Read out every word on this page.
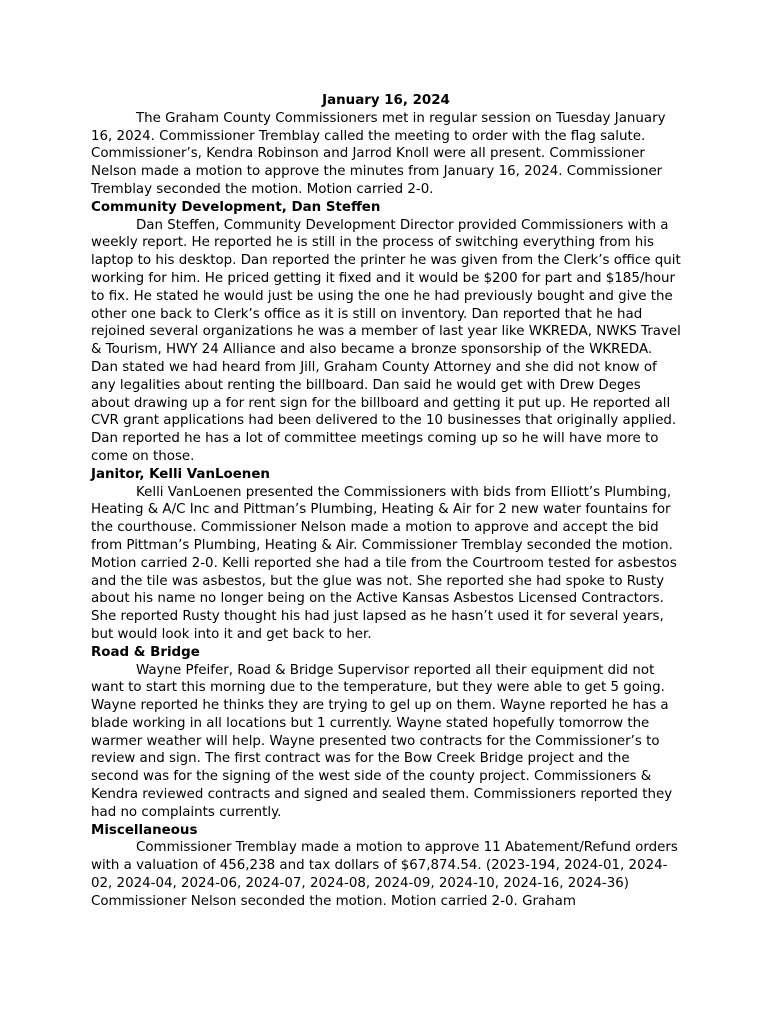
January 16, 2024

The Graham County Commissioners met in regular session on Tuesday January 16, 2024. Commissioner Tremblay called the meeting to order with the flag salute. Commissioner’s, Kendra Robinson and Jarrod Knoll were all present. Commissioner Nelson made a motion to approve the minutes from January 16, 2024. Commissioner Tremblay seconded the motion. Motion carried 2-0.

Community Development, Dan Steffen

Dan Steffen, Community Development Director provided Commissioners with a weekly report. He reported he is still in the process of switching everything from his laptop to his desktop. Dan reported the printer he was given from the Clerk’s office quit working for him. He priced getting it fixed and it would be $200 for part and $185/hour to fix. He stated he would just be using the one he had previously bought and give the other one back to Clerk’s office as it is still on inventory. Dan reported that he had rejoined several organizations he was a member of last year like WKREDA, NWKS Travel & Tourism, HWY 24 Alliance and also became a bronze sponsorship of the WKREDA. Dan stated we had heard from Jill, Graham County Attorney and she did not know of any legalities about renting the billboard. Dan said he would get with Drew Deges about drawing up a for rent sign for the billboard and getting it put up. He reported all CVR grant applications had been delivered to the 10 businesses that originally applied. Dan reported he has a lot of committee meetings coming up so he will have more to come on those.

Janitor, Kelli VanLoenen

Kelli VanLoenen presented the Commissioners with bids from Elliott’s Plumbing, Heating & A/C Inc and Pittman’s Plumbing, Heating & Air for 2 new water fountains for the courthouse. Commissioner Nelson made a motion to approve and accept the bid from Pittman’s Plumbing, Heating & Air. Commissioner Tremblay seconded the motion. Motion carried 2-0. Kelli reported she had a tile from the Courtroom tested for asbestos and the tile was asbestos, but the glue was not. She reported she had spoke to Rusty about his name no longer being on the Active Kansas Asbestos Licensed Contractors. She reported Rusty thought his had just lapsed as he hasn’t used it for several years, but would look into it and get back to her.

Road & Bridge

Wayne Pfeifer, Road & Bridge Supervisor reported all their equipment did not want to start this morning due to the temperature, but they were able to get 5 going. Wayne reported he thinks they are trying to gel up on them. Wayne reported he has a blade working in all locations but 1 currently. Wayne stated hopefully tomorrow the warmer weather will help. Wayne presented two contracts for the Commissioner’s to review and sign. The first contract was for the Bow Creek Bridge project and the second was for the signing of the west side of the county project. Commissioners & Kendra reviewed contracts and signed and sealed them. Commissioners reported they had no complaints currently.

Miscellaneous

Commissioner Tremblay made a motion to approve 11 Abatement/Refund orders with a valuation of 456,238 and tax dollars of $67,874.54. (2023-194, 2024-01, 2024-02, 2024-04, 2024-06, 2024-07, 2024-08, 2024-09, 2024-10, 2024-16, 2024-36) Commissioner Nelson seconded the motion. Motion carried 2-0. Graham
